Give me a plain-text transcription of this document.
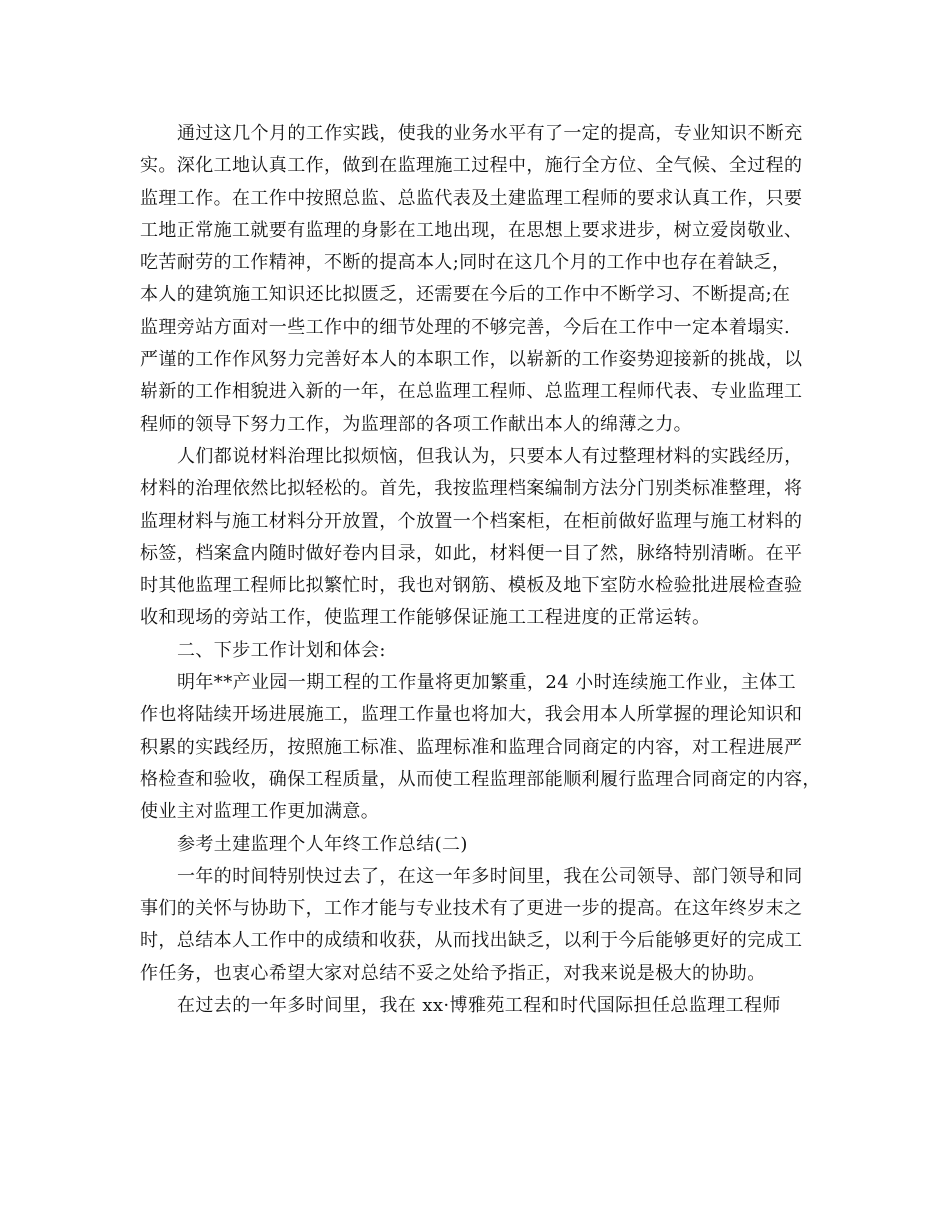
通过这几个月的工作实践，使我的业务水平有了一定的提高，专业知识不断充
实。深化工地认真工作，做到在监理施工过程中，施行全方位、全气候、全过程的
监理工作。在工作中按照总监、总监代表及土建监理工程师的要求认真工作，只要
工地正常施工就要有监理的身影在工地出现，在思想上要求进步，树立爱岗敬业、
吃苦耐劳的工作精神，不断的提高本人;同时在这几个月的工作中也存在着缺乏，
本人的建筑施工知识还比拟匮乏，还需要在今后的工作中不断学习、不断提高;在
监理旁站方面对一些工作中的细节处理的不够完善，今后在工作中一定本着塌实.
严谨的工作作风努力完善好本人的本职工作，以崭新的工作姿势迎接新的挑战，以
崭新的工作相貌进入新的一年，在总监理工程师、总监理工程师代表、专业监理工
程师的领导下努力工作，为监理部的各项工作献出本人的绵薄之力。
人们都说材料治理比拟烦恼，但我认为，只要本人有过整理材料的实践经历，
材料的治理依然比拟轻松的。首先，我按监理档案编制方法分门别类标准整理，将
监理材料与施工材料分开放置，个放置一个档案柜，在柜前做好监理与施工材料的
标签，档案盒内随时做好卷内目录，如此，材料便一目了然，脉络特别清晰。在平
时其他监理工程师比拟繁忙时，我也对钢筋、模板及地下室防水检验批进展检查验
收和现场的旁站工作，使监理工作能够保证施工工程进度的正常运转。
二、下步工作计划和体会:
明年**产业园一期工程的工作量将更加繁重，24 小时连续施工作业，主体工
作也将陆续开场进展施工，监理工作量也将加大，我会用本人所掌握的理论知识和
积累的实践经历，按照施工标准、监理标准和监理合同商定的内容，对工程进展严
格检查和验收，确保工程质量，从而使工程监理部能顺利履行监理合同商定的内容，
使业主对监理工作更加满意。
参考土建监理个人年终工作总结(二)
一年的时间特别快过去了，在这一年多时间里，我在公司领导、部门领导和同
事们的关怀与协助下，工作才能与专业技术有了更进一步的提高。在这年终岁末之
时，总结本人工作中的成绩和收获，从而找出缺乏，以利于今后能够更好的完成工
作任务，也衷心希望大家对总结不妥之处给予指正，对我来说是极大的协助。
在过去的一年多时间里，我在 xx·博雅苑工程和时代国际担任总监理工程师
